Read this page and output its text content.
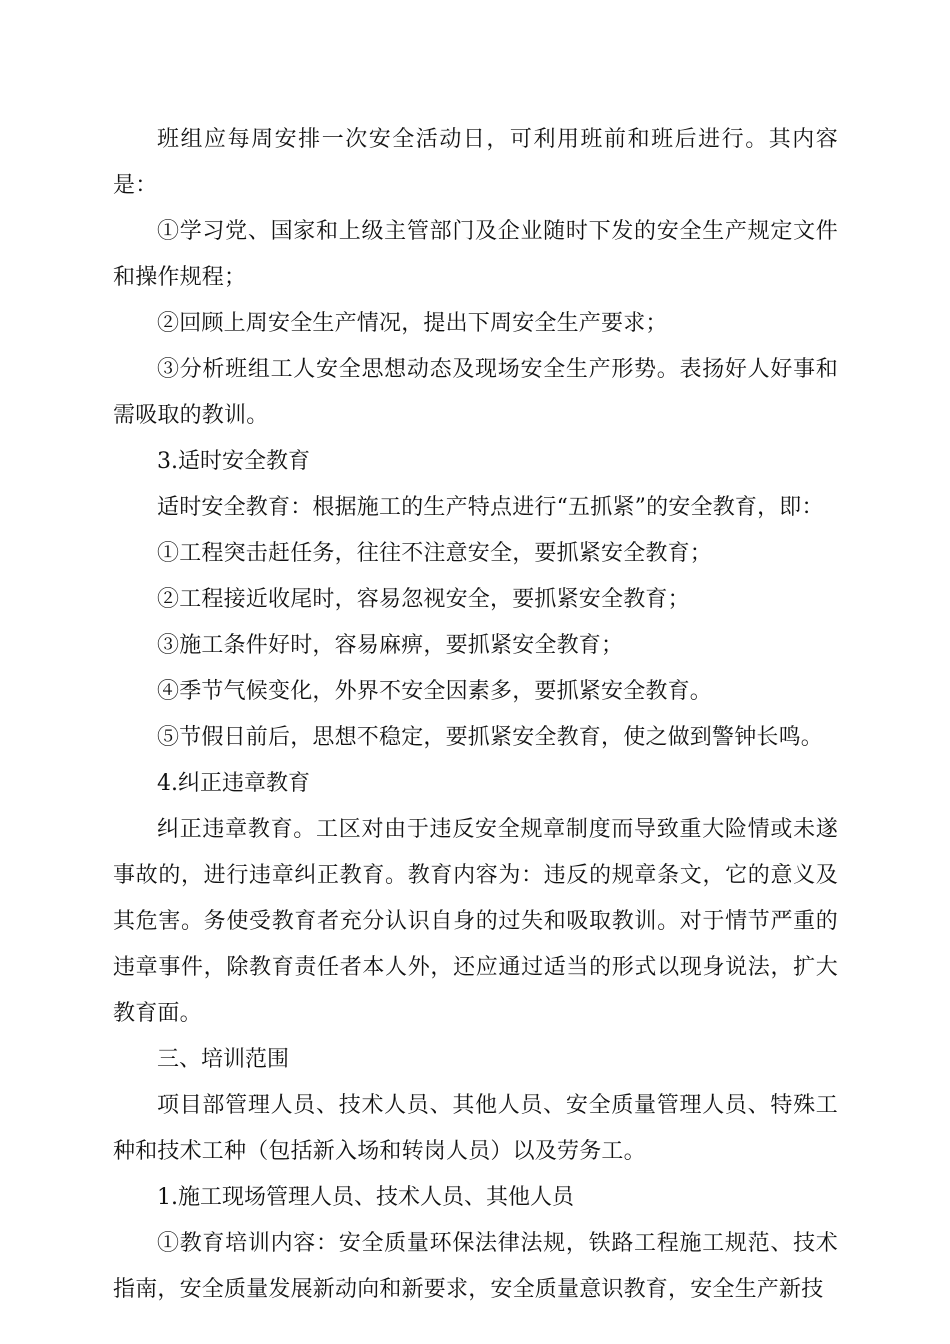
班组应每周安排一次安全活动日，可利用班前和班后进行。其内容是：

①学习党、国家和上级主管部门及企业随时下发的安全生产规定文件和操作规程；

②回顾上周安全生产情况，提出下周安全生产要求；

③分析班组工人安全思想动态及现场安全生产形势。表扬好人好事和需吸取的教训。

3.适时安全教育

适时安全教育：根据施工的生产特点进行“五抓紧”的安全教育，即：

①工程突击赶任务，往往不注意安全，要抓紧安全教育；

②工程接近收尾时，容易忽视安全，要抓紧安全教育；

③施工条件好时，容易麻痹，要抓紧安全教育；

④季节气候变化，外界不安全因素多，要抓紧安全教育。

⑤节假日前后，思想不稳定，要抓紧安全教育，使之做到警钟长鸣。

4.纠正违章教育

纠正违章教育。工区对由于违反安全规章制度而导致重大险情或未遂事故的，进行违章纠正教育。教育内容为：违反的规章条文，它的意义及其危害。务使受教育者充分认识自身的过失和吸取教训。对于情节严重的违章事件，除教育责任者本人外，还应通过适当的形式以现身说法，扩大教育面。

三、培训范围

项目部管理人员、技术人员、其他人员、安全质量管理人员、特殊工种和技术工种（包括新入场和转岗人员）以及劳务工。

1.施工现场管理人员、技术人员、其他人员

①教育培训内容：安全质量环保法律法规，铁路工程施工规范、技术指南，安全质量发展新动向和新要求，安全质量意识教育，安全生产新技
